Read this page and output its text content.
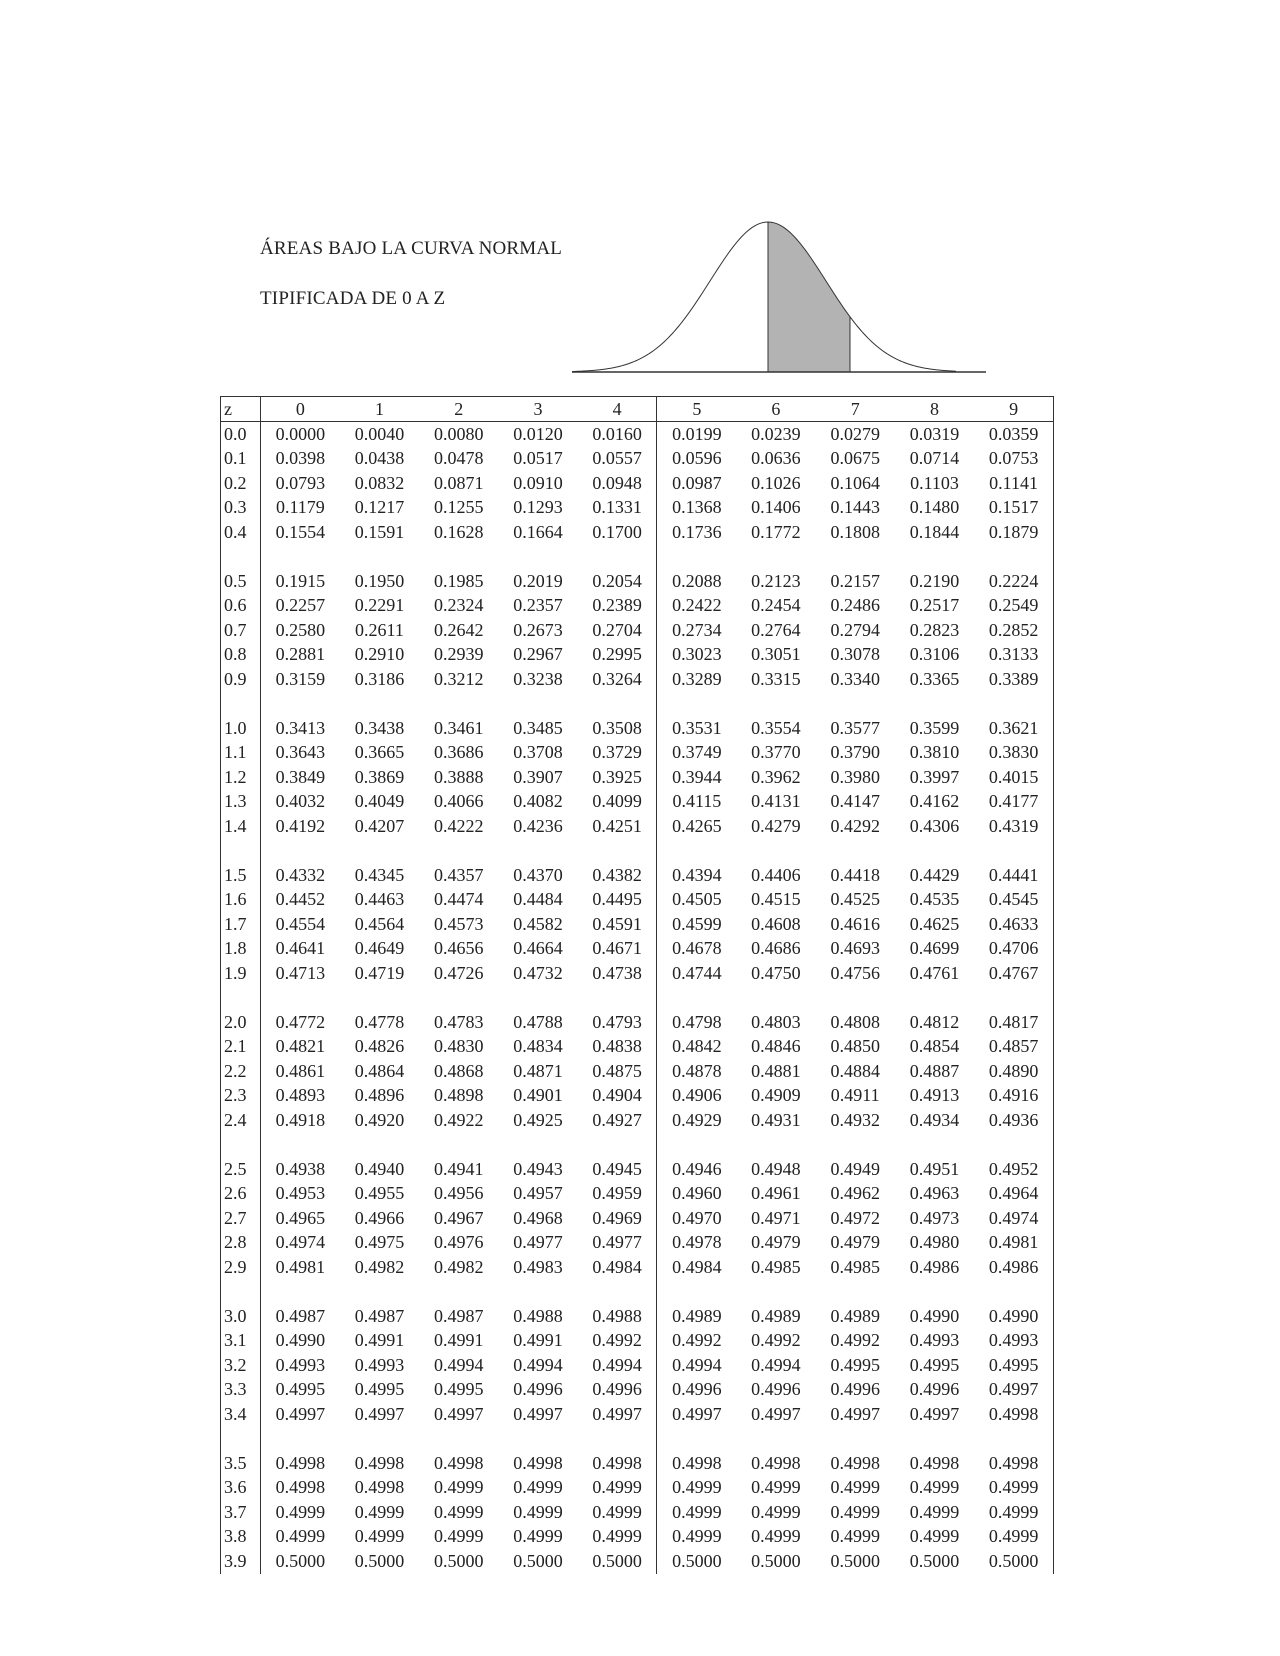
ÁREAS BAJO LA CURVA NORMAL
TIPIFICADA DE 0 A Z
z	0	1	2	3	4	5	6	7	8	9
0.0	0.0000	0.0040	0.0080	0.0120	0.0160	0.0199	0.0239	0.0279	0.0319	0.0359
0.1	0.0398	0.0438	0.0478	0.0517	0.0557	0.0596	0.0636	0.0675	0.0714	0.0753
0.2	0.0793	0.0832	0.0871	0.0910	0.0948	0.0987	0.1026	0.1064	0.1103	0.1141
0.3	0.1179	0.1217	0.1255	0.1293	0.1331	0.1368	0.1406	0.1443	0.1480	0.1517
0.4	0.1554	0.1591	0.1628	0.1664	0.1700	0.1736	0.1772	0.1808	0.1844	0.1879

0.5	0.1915	0.1950	0.1985	0.2019	0.2054	0.2088	0.2123	0.2157	0.2190	0.2224
0.6	0.2257	0.2291	0.2324	0.2357	0.2389	0.2422	0.2454	0.2486	0.2517	0.2549
0.7	0.2580	0.2611	0.2642	0.2673	0.2704	0.2734	0.2764	0.2794	0.2823	0.2852
0.8	0.2881	0.2910	0.2939	0.2967	0.2995	0.3023	0.3051	0.3078	0.3106	0.3133
0.9	0.3159	0.3186	0.3212	0.3238	0.3264	0.3289	0.3315	0.3340	0.3365	0.3389

1.0	0.3413	0.3438	0.3461	0.3485	0.3508	0.3531	0.3554	0.3577	0.3599	0.3621
1.1	0.3643	0.3665	0.3686	0.3708	0.3729	0.3749	0.3770	0.3790	0.3810	0.3830
1.2	0.3849	0.3869	0.3888	0.3907	0.3925	0.3944	0.3962	0.3980	0.3997	0.4015
1.3	0.4032	0.4049	0.4066	0.4082	0.4099	0.4115	0.4131	0.4147	0.4162	0.4177
1.4	0.4192	0.4207	0.4222	0.4236	0.4251	0.4265	0.4279	0.4292	0.4306	0.4319

1.5	0.4332	0.4345	0.4357	0.4370	0.4382	0.4394	0.4406	0.4418	0.4429	0.4441
1.6	0.4452	0.4463	0.4474	0.4484	0.4495	0.4505	0.4515	0.4525	0.4535	0.4545
1.7	0.4554	0.4564	0.4573	0.4582	0.4591	0.4599	0.4608	0.4616	0.4625	0.4633
1.8	0.4641	0.4649	0.4656	0.4664	0.4671	0.4678	0.4686	0.4693	0.4699	0.4706
1.9	0.4713	0.4719	0.4726	0.4732	0.4738	0.4744	0.4750	0.4756	0.4761	0.4767

2.0	0.4772	0.4778	0.4783	0.4788	0.4793	0.4798	0.4803	0.4808	0.4812	0.4817
2.1	0.4821	0.4826	0.4830	0.4834	0.4838	0.4842	0.4846	0.4850	0.4854	0.4857
2.2	0.4861	0.4864	0.4868	0.4871	0.4875	0.4878	0.4881	0.4884	0.4887	0.4890
2.3	0.4893	0.4896	0.4898	0.4901	0.4904	0.4906	0.4909	0.4911	0.4913	0.4916
2.4	0.4918	0.4920	0.4922	0.4925	0.4927	0.4929	0.4931	0.4932	0.4934	0.4936

2.5	0.4938	0.4940	0.4941	0.4943	0.4945	0.4946	0.4948	0.4949	0.4951	0.4952
2.6	0.4953	0.4955	0.4956	0.4957	0.4959	0.4960	0.4961	0.4962	0.4963	0.4964
2.7	0.4965	0.4966	0.4967	0.4968	0.4969	0.4970	0.4971	0.4972	0.4973	0.4974
2.8	0.4974	0.4975	0.4976	0.4977	0.4977	0.4978	0.4979	0.4979	0.4980	0.4981
2.9	0.4981	0.4982	0.4982	0.4983	0.4984	0.4984	0.4985	0.4985	0.4986	0.4986

3.0	0.4987	0.4987	0.4987	0.4988	0.4988	0.4989	0.4989	0.4989	0.4990	0.4990
3.1	0.4990	0.4991	0.4991	0.4991	0.4992	0.4992	0.4992	0.4992	0.4993	0.4993
3.2	0.4993	0.4993	0.4994	0.4994	0.4994	0.4994	0.4994	0.4995	0.4995	0.4995
3.3	0.4995	0.4995	0.4995	0.4996	0.4996	0.4996	0.4996	0.4996	0.4996	0.4997
3.4	0.4997	0.4997	0.4997	0.4997	0.4997	0.4997	0.4997	0.4997	0.4997	0.4998

3.5	0.4998	0.4998	0.4998	0.4998	0.4998	0.4998	0.4998	0.4998	0.4998	0.4998
3.6	0.4998	0.4998	0.4999	0.4999	0.4999	0.4999	0.4999	0.4999	0.4999	0.4999
3.7	0.4999	0.4999	0.4999	0.4999	0.4999	0.4999	0.4999	0.4999	0.4999	0.4999
3.8	0.4999	0.4999	0.4999	0.4999	0.4999	0.4999	0.4999	0.4999	0.4999	0.4999
3.9	0.5000	0.5000	0.5000	0.5000	0.5000	0.5000	0.5000	0.5000	0.5000	0.5000
